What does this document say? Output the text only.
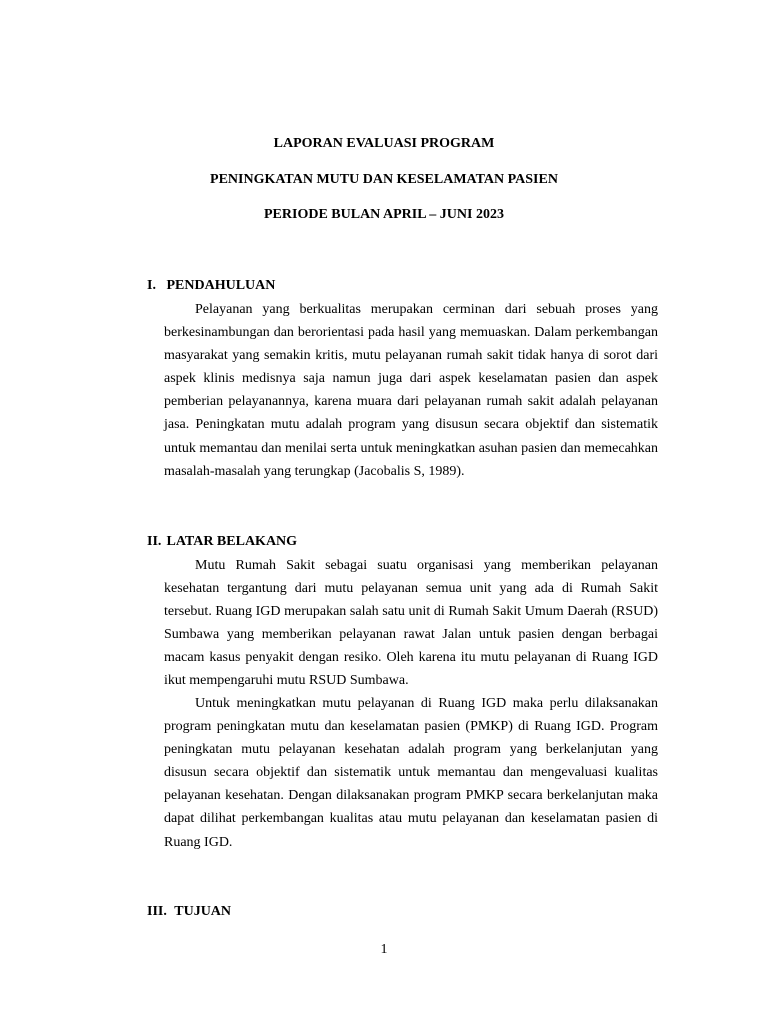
LAPORAN EVALUASI PROGRAM

PENINGKATAN MUTU DAN KESELAMATAN PASIEN

PERIODE BULAN APRIL – JUNI 2023

I. PENDAHULUAN

Pelayanan yang berkualitas merupakan cerminan dari sebuah proses yang berkesinambungan dan berorientasi pada hasil yang memuaskan. Dalam perkembangan masyarakat yang semakin kritis, mutu pelayanan rumah sakit tidak hanya di sorot dari aspek klinis medisnya saja namun juga dari aspek keselamatan pasien dan aspek pemberian pelayanannya, karena muara dari pelayanan rumah sakit adalah pelayanan jasa. Peningkatan mutu adalah program yang disusun secara objektif dan sistematik untuk memantau dan menilai serta untuk meningkatkan asuhan pasien dan memecahkan masalah-masalah yang terungkap (Jacobalis S, 1989).

II. LATAR BELAKANG

Mutu Rumah Sakit sebagai suatu organisasi yang memberikan pelayanan kesehatan tergantung dari mutu pelayanan semua unit yang ada di Rumah Sakit tersebut. Ruang IGD merupakan salah satu unit di Rumah Sakit Umum Daerah (RSUD) Sumbawa yang memberikan pelayanan rawat Jalan untuk pasien dengan berbagai macam kasus penyakit dengan resiko. Oleh karena itu mutu pelayanan di Ruang IGD ikut mempengaruhi mutu RSUD Sumbawa.

Untuk meningkatkan mutu pelayanan di Ruang IGD maka perlu dilaksanakan program peningkatan mutu dan keselamatan pasien (PMKP) di Ruang IGD. Program peningkatan mutu pelayanan kesehatan adalah program yang berkelanjutan yang disusun secara objektif dan sistematik untuk memantau dan mengevaluasi kualitas pelayanan kesehatan. Dengan dilaksanakan program PMKP secara berkelanjutan maka dapat dilihat perkembangan kualitas atau mutu pelayanan dan keselamatan pasien di Ruang IGD.

III. TUJUAN

1
